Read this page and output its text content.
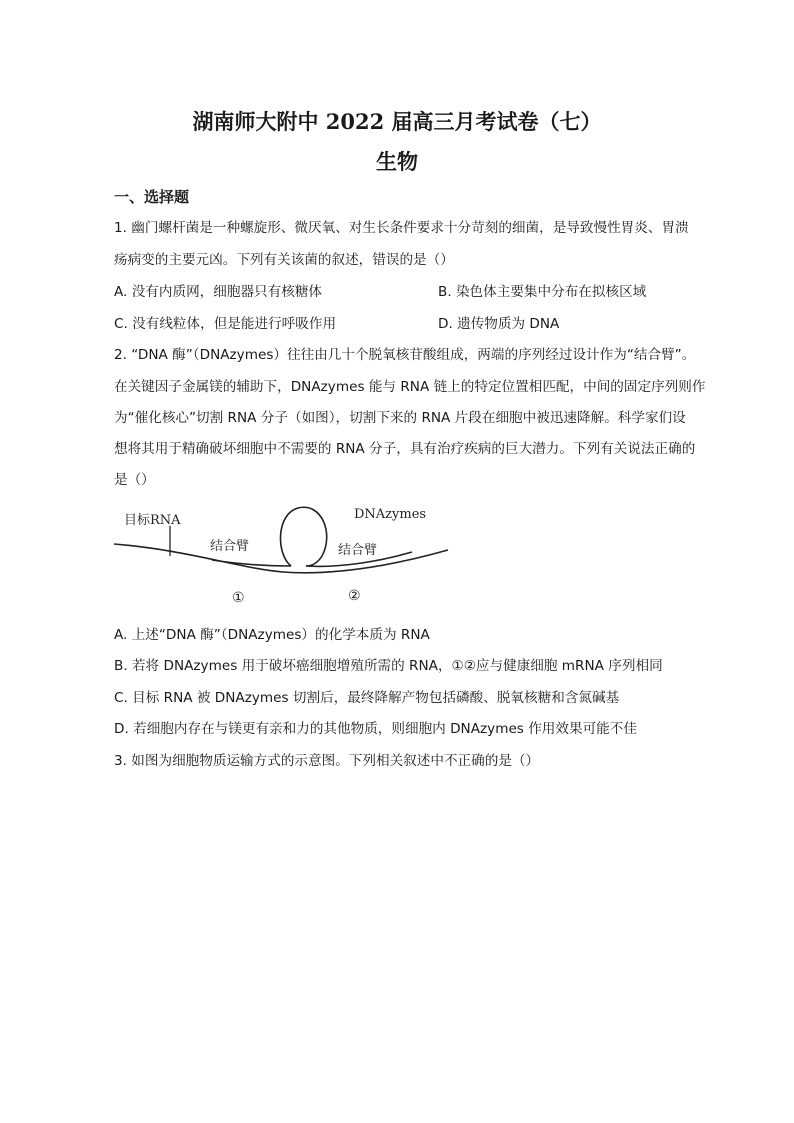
湖南师大附中 2022 届高三月考试卷（七）
生物
一、选择题
1. 幽门螺杆菌是一种螺旋形、微厌氧、对生长条件要求十分苛刻的细菌，是导致慢性胃炎、胃溃
疡病变的主要元凶。下列有关该菌的叙述，错误的是（）
A. 没有内质网，细胞器只有核糖体	B. 染色体主要集中分布在拟核区域
C. 没有线粒体，但是能进行呼吸作用	D. 遗传物质为 DNA
2. “DNA 酶”（DNAzymes）往往由几十个脱氧核苷酸组成，两端的序列经过设计作为“结合臂”。
在关键因子金属镁的辅助下，DNAzymes 能与 RNA 链上的特定位置相匹配，中间的固定序列则作
为“催化核心”切割 RNA 分子（如图），切割下来的 RNA 片段在细胞中被迅速降解。科学家们设
想将其用于精确破坏细胞中不需要的 RNA 分子，具有治疗疾病的巨大潜力。下列有关说法正确的
是（）
目标RNA	DNAzymes
结合臂	结合臂
①	②
A. 上述“DNA 酶”（DNAzymes）的化学本质为 RNA
B. 若将 DNAzymes 用于破坏癌细胞增殖所需的 RNA，①②应与健康细胞 mRNA 序列相同
C. 目标 RNA 被 DNAzymes 切割后，最终降解产物包括磷酸、脱氧核糖和含氮碱基
D. 若细胞内存在与镁更有亲和力的其他物质，则细胞内 DNAzymes 作用效果可能不佳
3. 如图为细胞物质运输方式的示意图。下列相关叙述中不正确的是（）
